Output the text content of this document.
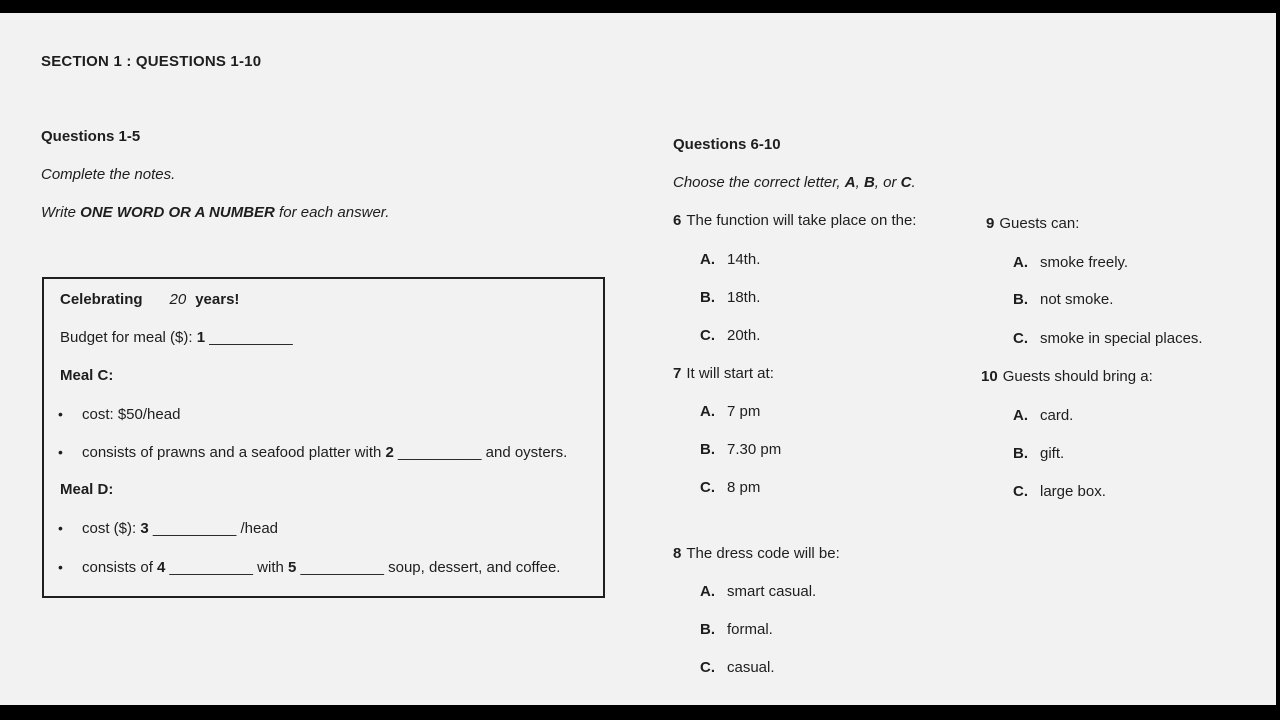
SECTION 1 : QUESTIONS 1-10
Questions 1-5
Complete the notes.
Write ONE WORD OR A NUMBER for each answer.
Celebrating 20 years!
Budget for meal ($): 1 __________
Meal C:
• cost: $50/head
• consists of prawns and a seafood platter with 2 __________ and oysters.
Meal D:
• cost ($): 3 __________ /head
• consists of 4 __________ with 5 __________ soup, dessert, and coffee.
Questions 6-10
Choose the correct letter, A, B, or C.
6 The function will take place on the:
A. 14th.
B. 18th.
C. 20th.
7 It will start at:
A. 7 pm
B. 7.30 pm
C. 8 pm
8 The dress code will be:
A. smart casual.
B. formal.
C. casual.
9 Guests can:
A. smoke freely.
B. not smoke.
C. smoke in special places.
10 Guests should bring a:
A. card.
B. gift.
C. large box.
